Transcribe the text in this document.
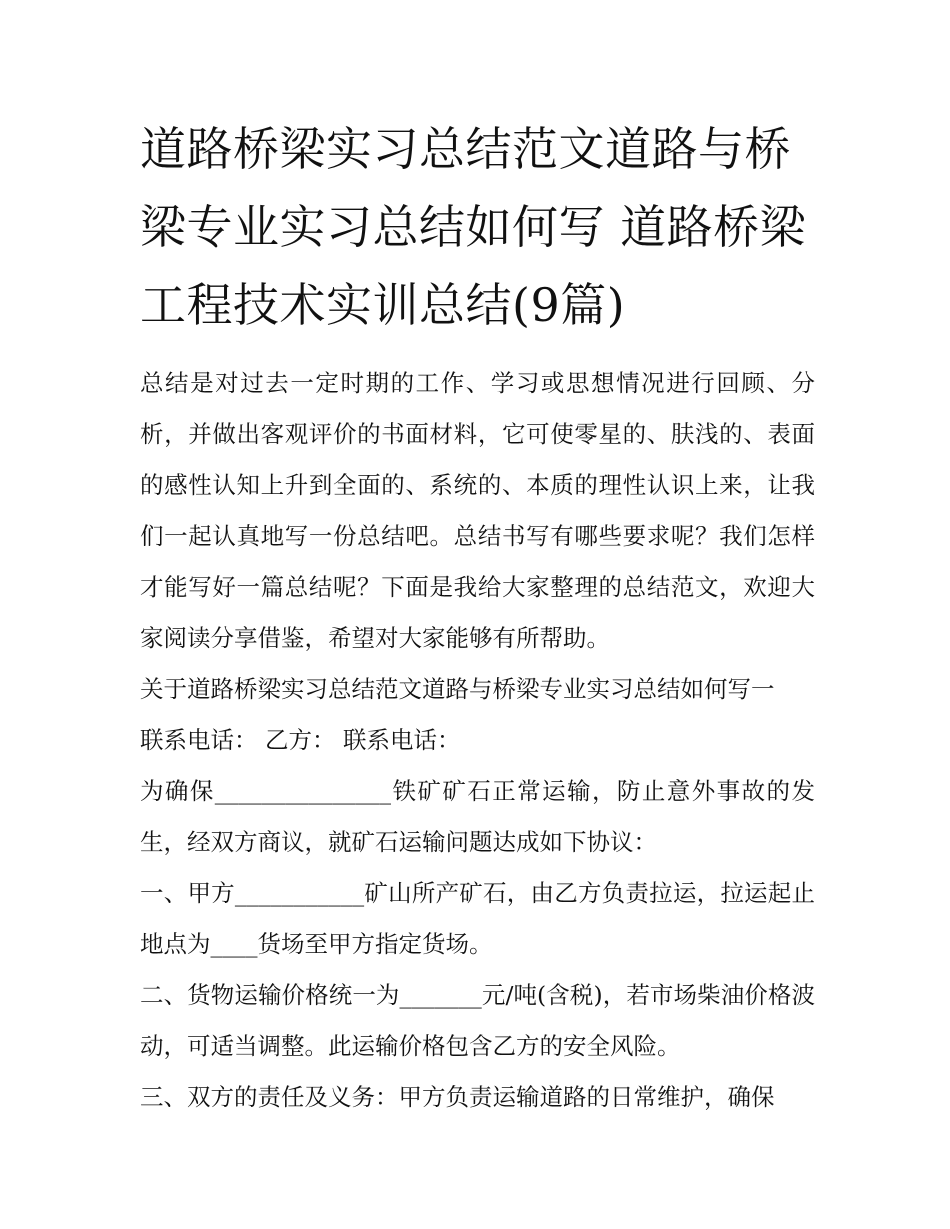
道路桥梁实习总结范文道路与桥梁专业实习总结如何写 道路桥梁工程技术实训总结(9篇)

总结是对过去一定时期的工作、学习或思想情况进行回顾、分析，并做出客观评价的书面材料，它可使零星的、肤浅的、表面的感性认知上升到全面的、系统的、本质的理性认识上来，让我们一起认真地写一份总结吧。总结书写有哪些要求呢？我们怎样才能写好一篇总结呢？下面是我给大家整理的总结范文，欢迎大家阅读分享借鉴，希望对大家能够有所帮助。

关于道路桥梁实习总结范文道路与桥梁专业实习总结如何写一

联系电话： 乙方： 联系电话：

为确保_______________铁矿矿石正常运输，防止意外事故的发生，经双方商议，就矿石运输问题达成如下协议：

一、甲方___________矿山所产矿石，由乙方负责拉运，拉运起止地点为____货场至甲方指定货场。

二、货物运输价格统一为_______元/吨(含税)，若市场柴油价格波动，可适当调整。此运输价格包含乙方的安全风险。

三、双方的责任及义务：甲方负责运输道路的日常维护，确保
